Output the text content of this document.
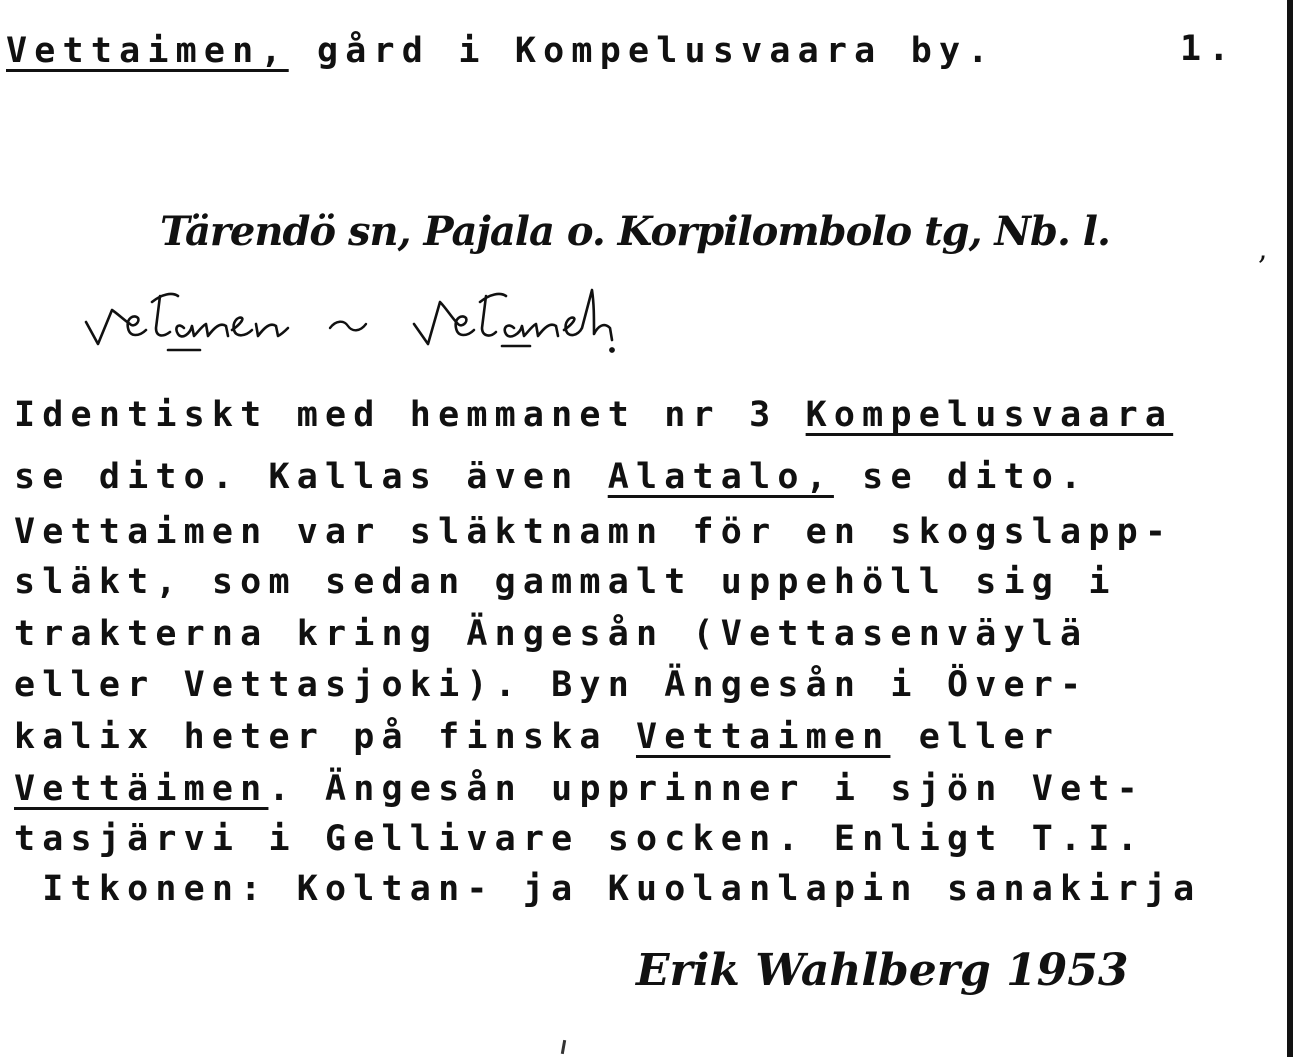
Vettaimen, gård i Kompelusvaara by.	1.
Tärendö sn, Pajala o. Korpilombolo tg, Nb. l.	,
Identiskt med hemmanet nr 3 Kompelusvaara
se dito. Kallas även Alatalo, se dito.
Vettaimen var släktnamn för en skogslapp-
släkt, som sedan gammalt uppehöll sig i
trakterna kring Ängesån (Vettasenväylä
eller Vettasjoki). Byn Ängesån i Över-
kalix heter på finska Vettaimen eller
Vettäimen. Ängesån upprinner i sjön Vet-
tasjärvi i Gellivare socken. Enligt T.I.
Itkonen: Koltan- ja Kuolanlapin sanakirja
Erik Wahlberg 1953
